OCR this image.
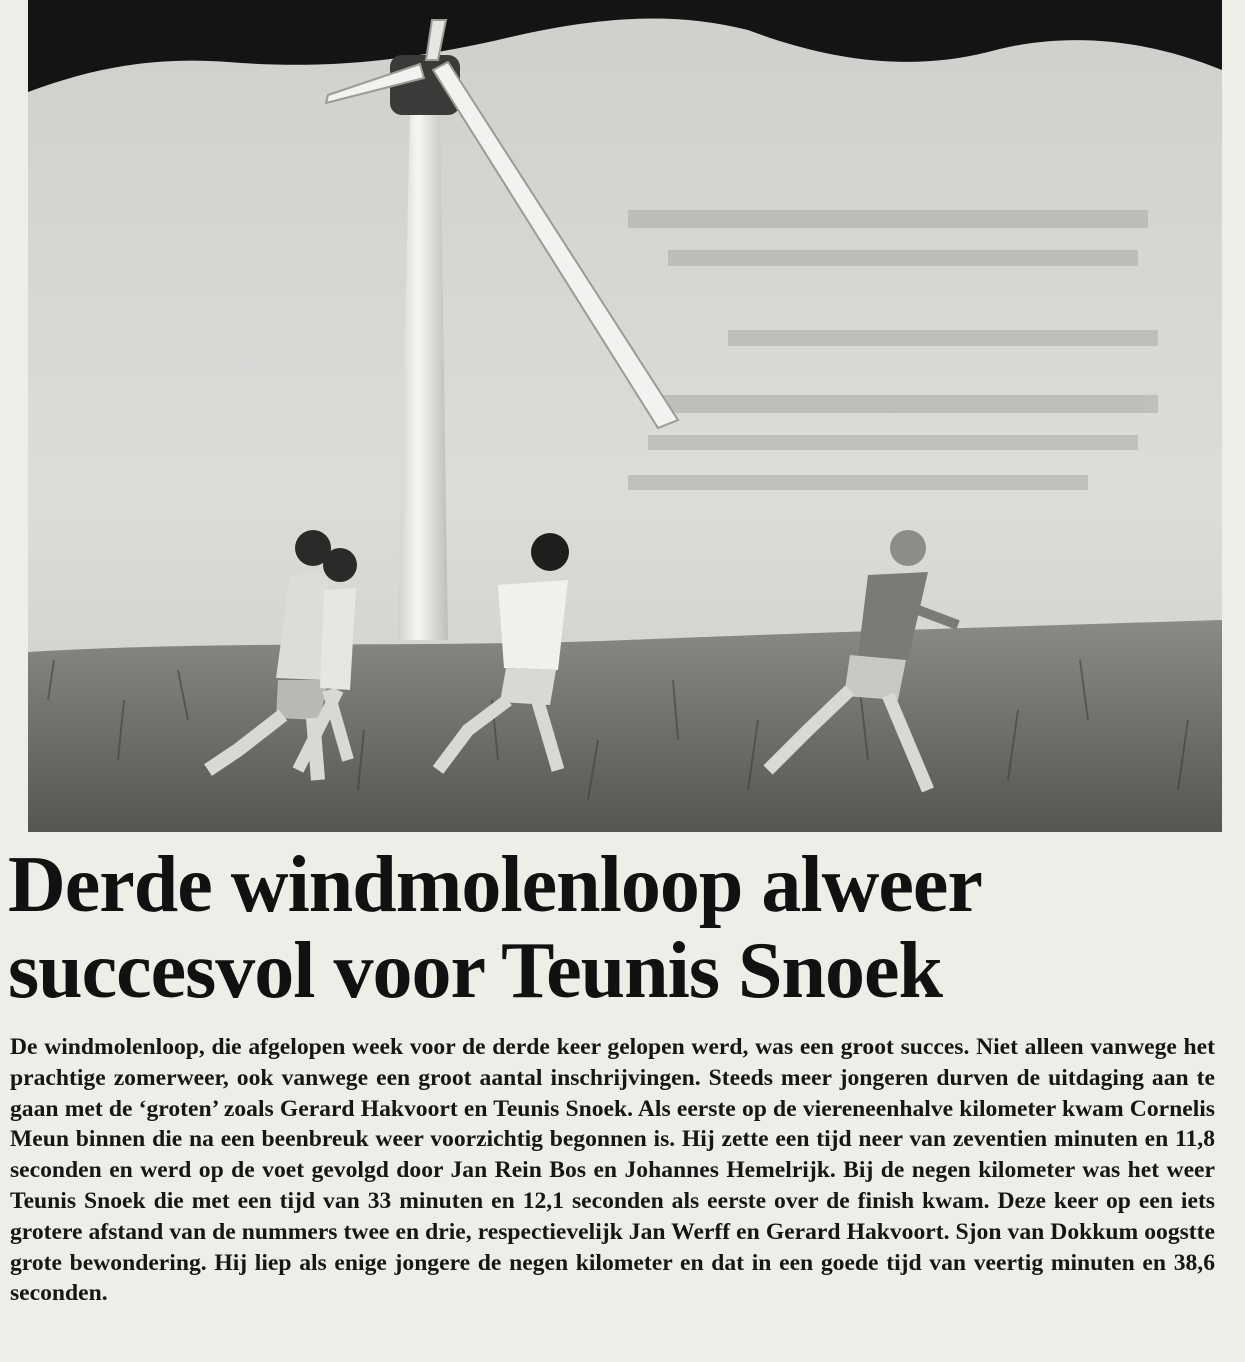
Derde windmolenloop alweer
succesvol voor Teunis Snoek

De windmolenloop, die afgelopen week voor de derde keer gelopen werd, was een groot succes. Niet alleen vanwege het prachtige zomerweer, ook vanwege een groot aantal inschrijvingen. Steeds meer jongeren durven de uitdaging aan te gaan met de ‘groten’ zoals Gerard Hakvoort en Teunis Snoek. Als eerste op de viereneenhalve kilometer kwam Cornelis Meun binnen die na een beenbreuk weer voorzichtig begonnen is. Hij zette een tijd neer van zeventien minuten en 11,8 seconden en werd op de voet gevolgd door Jan Rein Bos en Johannes Hemelrijk. Bij de negen kilometer was het weer Teunis Snoek die met een tijd van 33 minuten en 12,1 seconden als eerste over de finish kwam. Deze keer op een iets grotere afstand van de nummers twee en drie, respectievelijk Jan Werff en Gerard Hakvoort. Sjon van Dokkum oogstte grote bewondering. Hij liep als enige jongere de negen kilometer en dat in een goede tijd van veertig minuten en 38,6 seconden.
